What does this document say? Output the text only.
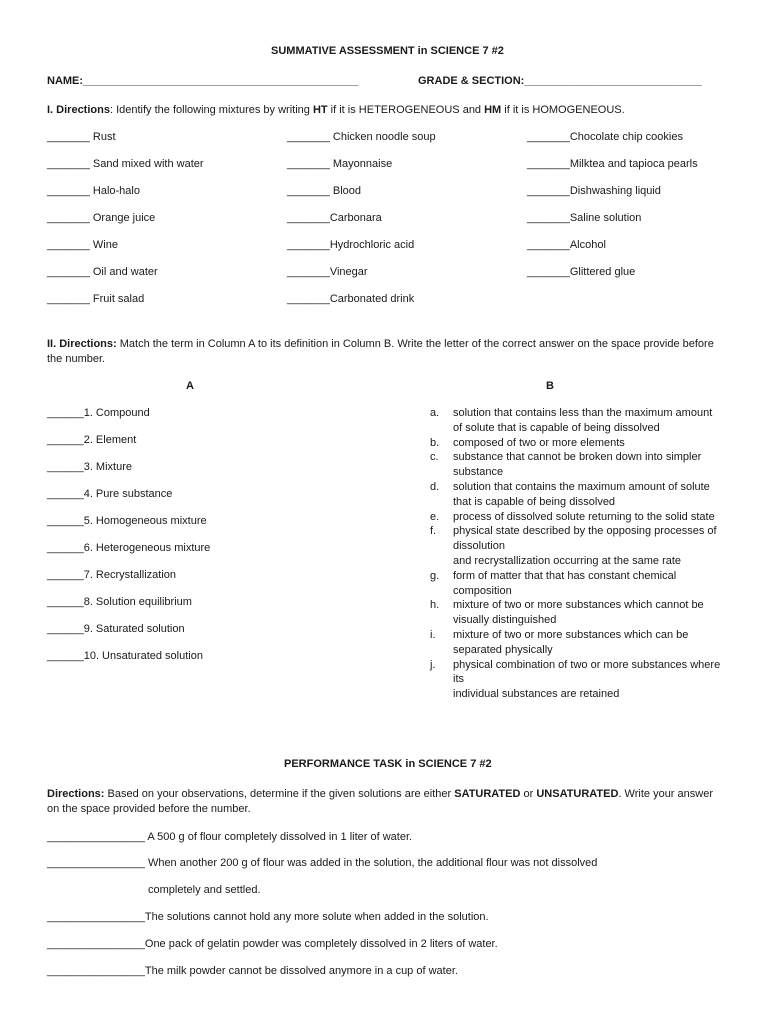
SUMMATIVE ASSESSMENT in SCIENCE 7 #2
NAME:_____________________________________________	GRADE & SECTION:_____________________________
I. Directions: Identify the following mixtures by writing HT if it is HETEROGENEOUS and HM if it is HOMOGENEOUS.
_______ Rust
_______ Sand mixed with water
_______ Halo-halo
_______ Orange juice
_______ Wine
_______ Oil and water
_______ Fruit salad
_______ Chicken noodle soup
_______ Mayonnaise
_______ Blood
_______Carbonara
_______Hydrochloric acid
_______Vinegar
_______Carbonated drink
_______Chocolate chip cookies
_______Milktea and tapioca pearls
_______Dishwashing liquid
_______Saline solution
_______Alcohol
_______Glittered glue
II. Directions: Match the term in Column A to its definition in Column B. Write the letter of the correct answer on the space provide before the number.
A	B
______1. Compound
______2. Element
______3. Mixture
______4. Pure substance
______5. Homogeneous mixture
______6. Heterogeneous mixture
______7. Recrystallization
______8. Solution equilibrium
______9. Saturated solution
______10. Unsaturated solution
a.	solution that contains less than the maximum amount
of solute that is capable of being dissolved
b.	composed of two or more elements
c.	substance that cannot be broken down into simpler substance
d.	solution that contains the maximum amount of solute
that is capable of being dissolved
e.	process of dissolved solute returning to the solid state
f.	physical state described by the opposing processes of dissolution
and recrystallization occurring at the same rate
g.	form of matter that that has constant chemical composition
h.	mixture of two or more substances which cannot be visually distinguished
i.	mixture of two or more substances which can be separated physically
j.	physical combination of two or more substances where its
individual substances are retained
PERFORMANCE TASK in SCIENCE 7 #2
Directions: Based on your observations, determine if the given solutions are either SATURATED or UNSATURATED. Write your answer on the space provided before the number.
________________ A 500 g of flour completely dissolved in 1 liter of water.
________________ When another 200 g of flour was added in the solution, the additional flour was not dissolved
completely and settled.
________________The solutions cannot hold any more solute when added in the solution.
________________One pack of gelatin powder was completely dissolved in 2 liters of water.
________________The milk powder cannot be dissolved anymore in a cup of water.
